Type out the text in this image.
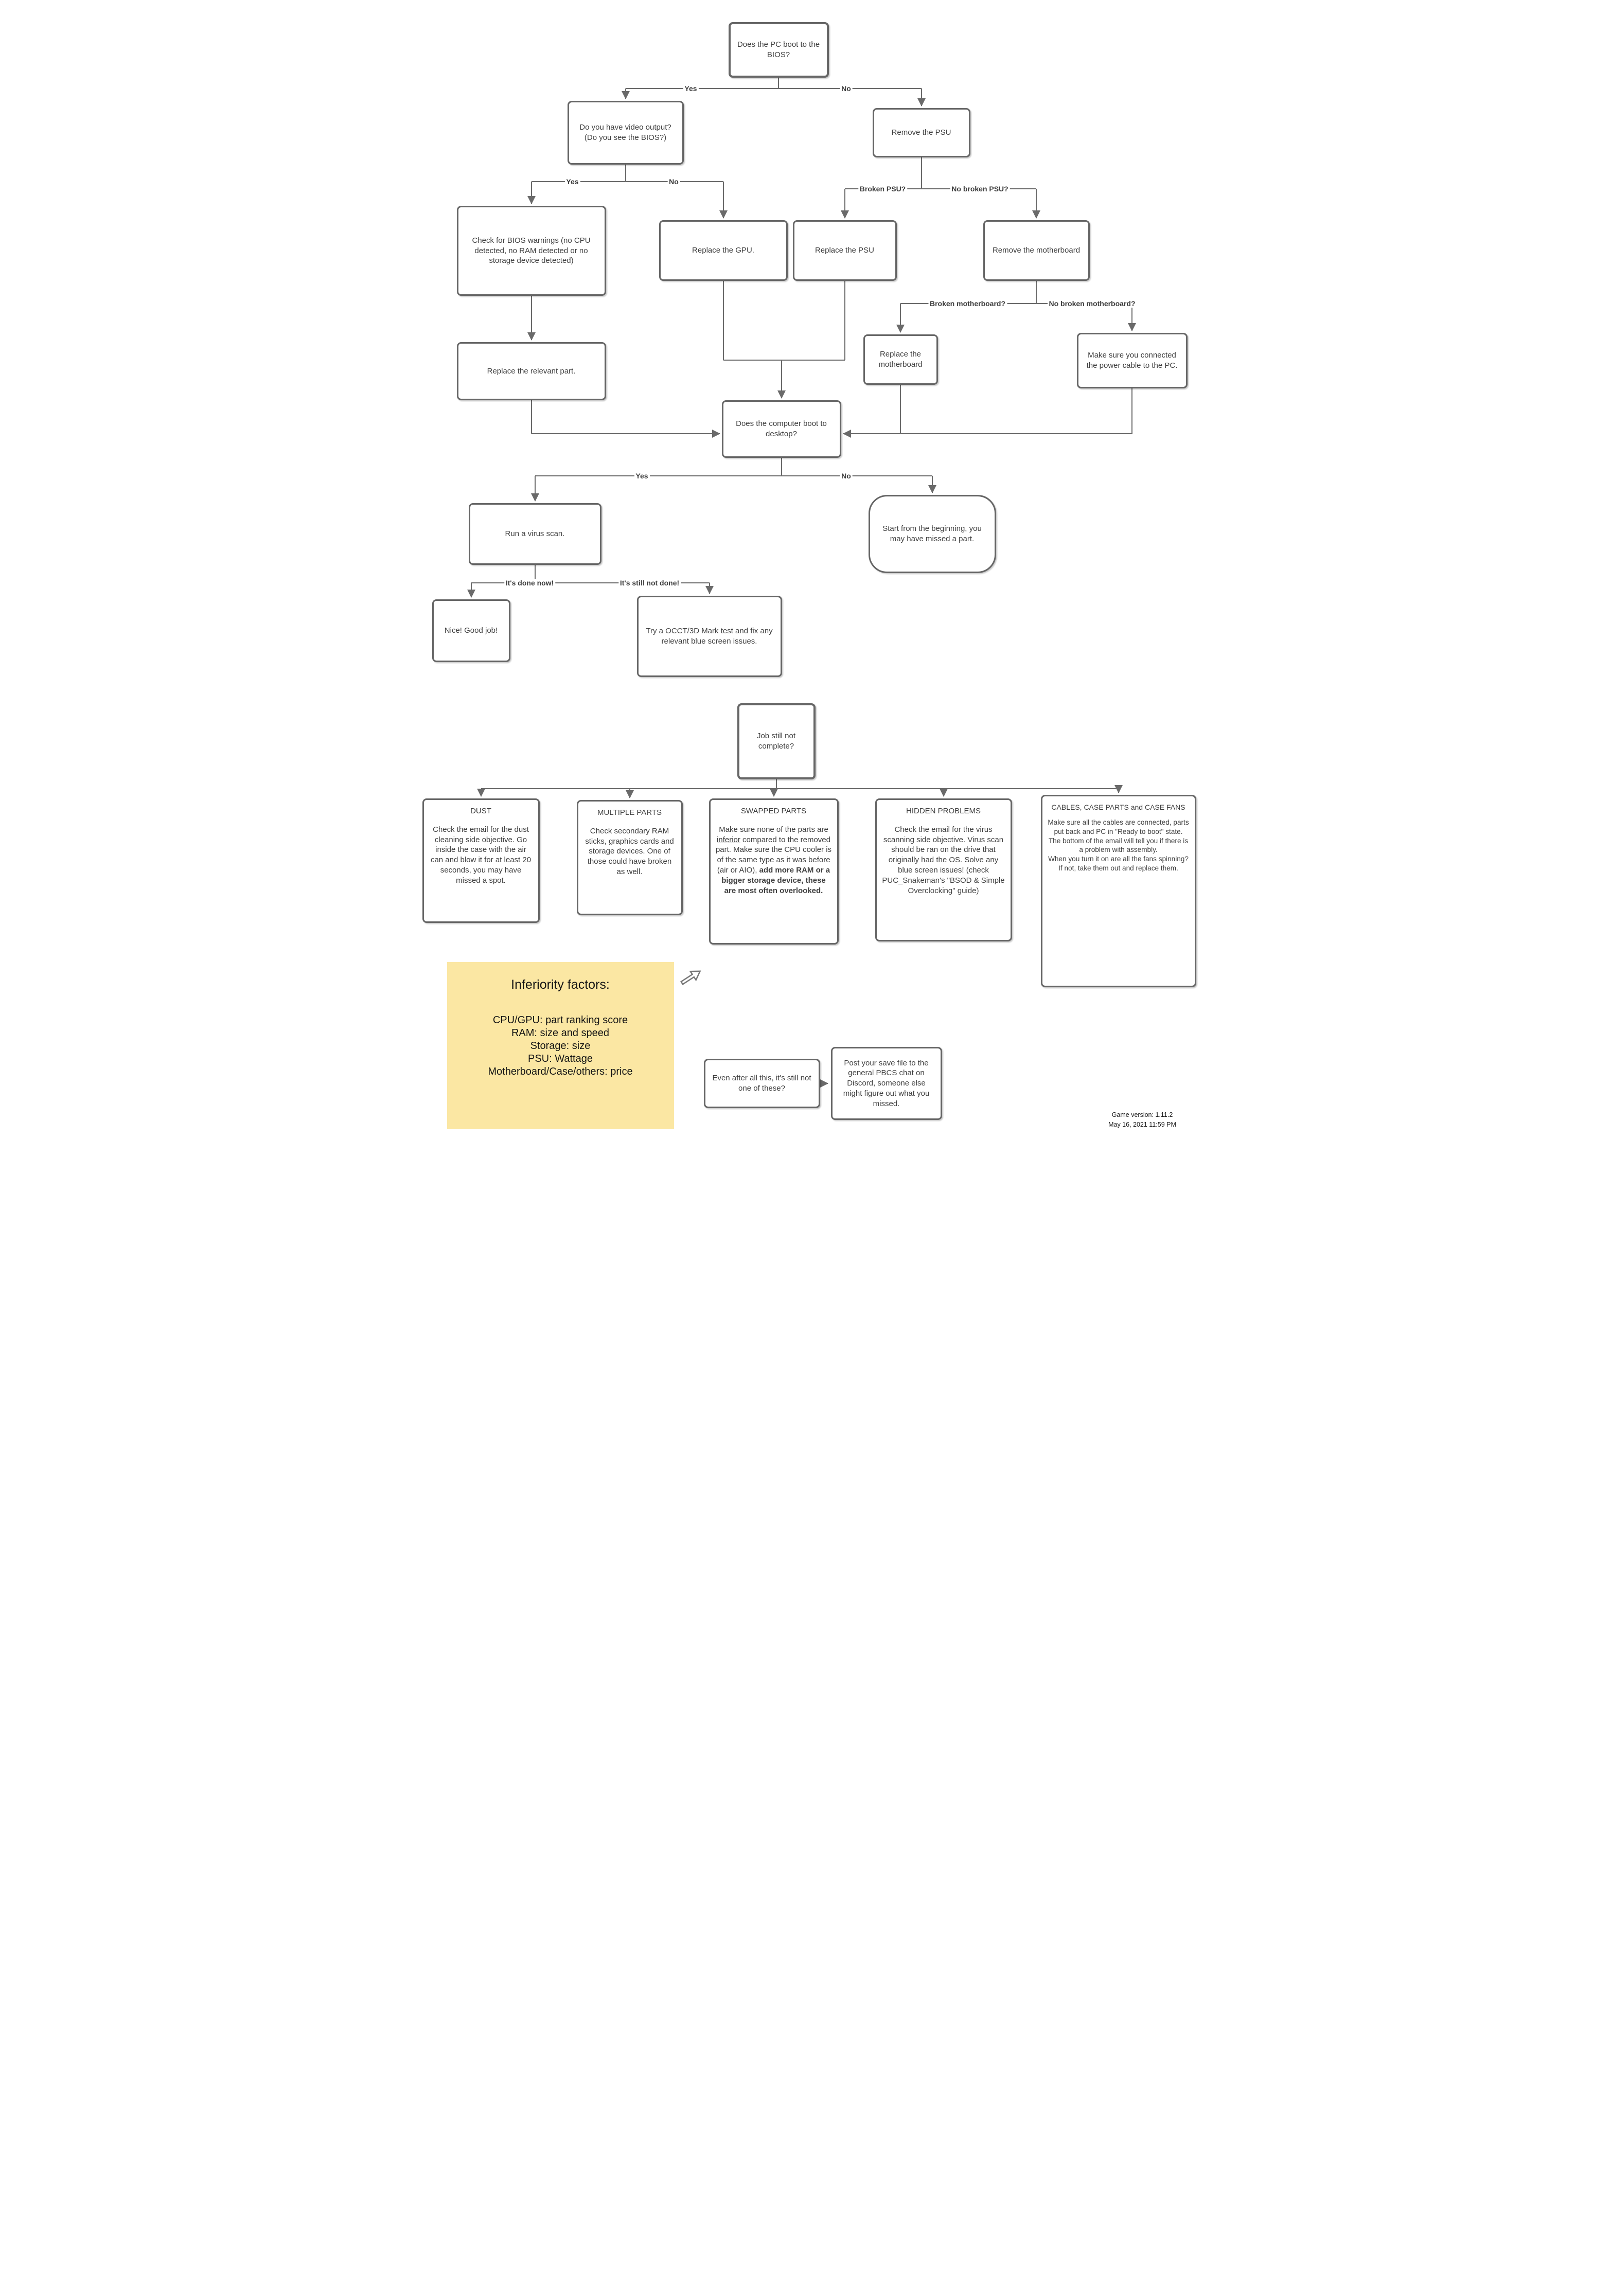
Does the PC boot to the BIOS?
Do you have video output? (Do you see the BIOS?)
Remove the PSU
Check for BIOS warnings (no CPU detected, no RAM detected or no storage device detected)
Replace the GPU.	Replace the PSU	Remove the motherboard
Replace the motherboard
Make sure you connected the power cable to the PC.
Replace the relevant part.
Does the computer boot to desktop?
Run a virus scan.
Start from the beginning, you may have missed a part.
Nice! Good job!	Try a OCCT/3D Mark test and fix any relevant blue screen issues.
Job still not complete?
DUST
Check the email for the dust cleaning side objective. Go inside the case with the air can and blow it for at least 20 seconds, you may have missed a spot.
MULTIPLE PARTS
Check secondary RAM sticks, graphics cards and storage devices. One of those could have broken as well.
SWAPPED PARTS
Make sure none of the parts are inferior compared to the removed part. Make sure the CPU cooler is of the same type as it was before (air or AIO), add more RAM or a bigger storage device, these are most often overlooked.
HIDDEN PROBLEMS
Check the email for the virus scanning side objective. Virus scan should be ran on the drive that originally had the OS. Solve any blue screen issues! (check PUC_Snakeman's "BSOD & Simple Overclocking" guide)
CABLES, CASE PARTS and CASE FANS
Make sure all the cables are connected, parts put back and PC in "Ready to boot" state. The bottom of the email will tell you if there is a problem with assembly.
When you turn it on are all the fans spinning? If not, take them out and replace them.
Inferiority factors:
CPU/GPU: part ranking score
RAM: size and speed
Storage: size
PSU: Wattage
Motherboard/Case/others: price
Even after all this, it's still not one of these?
Post your save file to the general PBCS chat on Discord, someone else might figure out what you missed.
Game version: 1.11.2
May 16, 2021 11:59 PM
Yes	No
Yes	No
Broken PSU?	No broken PSU?
Broken motherboard?	No broken motherboard?
Yes	No
It's done now!	It's still not done!
